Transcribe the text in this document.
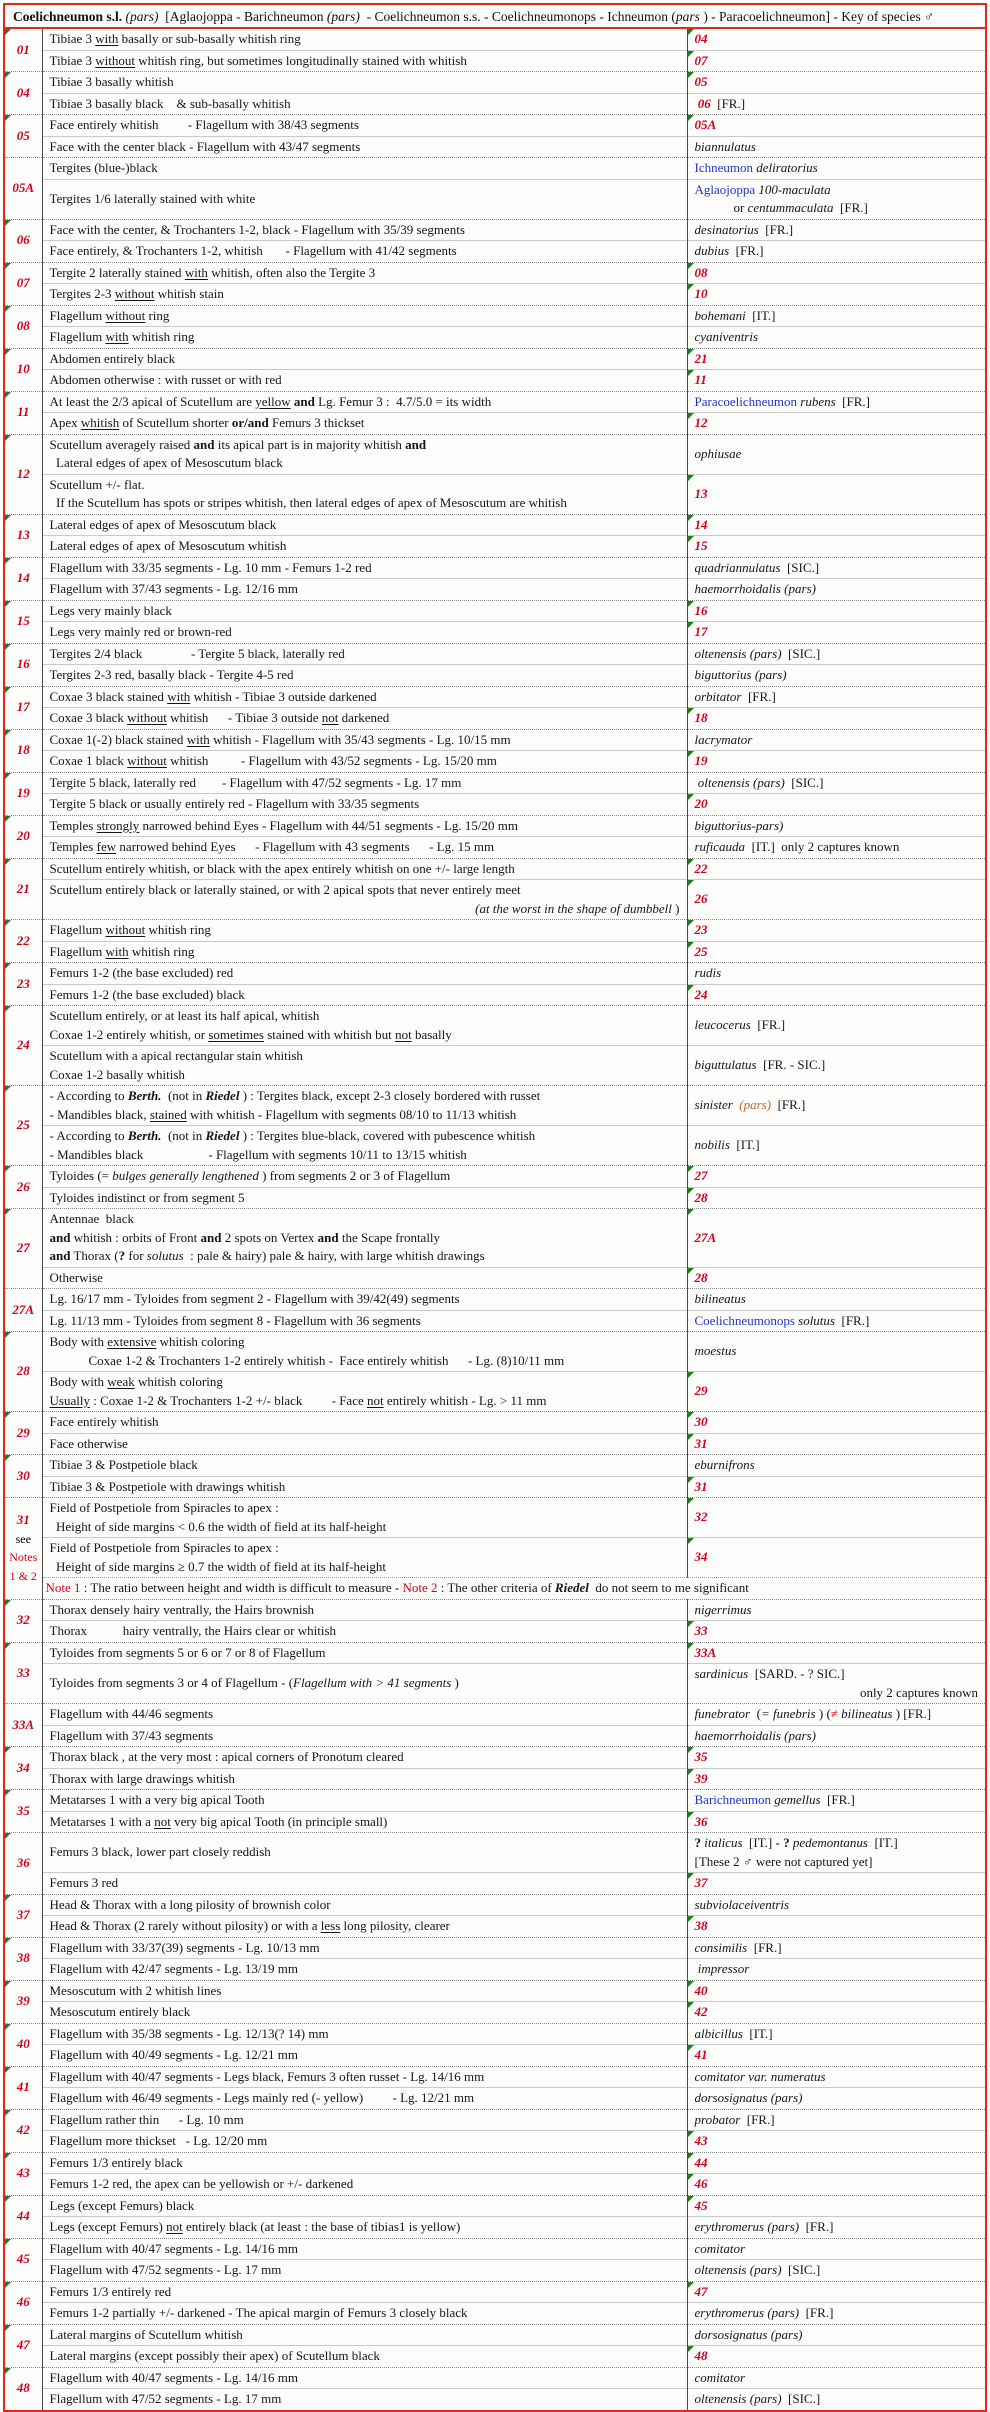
Coelichneumon s.l. (pars)  [Aglaojoppa - Barichneumon (pars)  - Coelichneumon s.s. - Coelichneumonops - Ichneumon (pars ) - Paracoelichneumon] - Key of species ♂
01	Tibiae 3 with basally or sub-basally whitish ring	04
	Tibiae 3 without whitish ring, but sometimes longitudinally stained with whitish	07
04	Tibiae 3 basally whitish	05
	Tibiae 3 basally black    & sub-basally whitish	06  [FR.]
05	Face entirely whitish         - Flagellum with 38/43 segments	05A
	Face with the center black - Flagellum with 43/47 segments	biannulatus
05A	Tergites (blue-)black	Ichneumon deliratorius
	Tergites 1/6 laterally stained with white	Aglaojoppa 100-maculata
or centummaculata  [FR.]
06	Face with the center, & Trochanters 1-2, black - Flagellum with 35/39 segments	desinatorius  [FR.]
	Face entirely, & Trochanters 1-2, whitish       - Flagellum with 41/42 segments	dubius  [FR.]
07	Tergite 2 laterally stained with whitish, often also the Tergite 3	08
	Tergites 2-3 without whitish stain	10
08	Flagellum without ring	bohemani  [IT.]
	Flagellum with whitish ring	cyaniventris
10	Abdomen entirely black	21
	Abdomen otherwise : with russet or with red	11
11	At least the 2/3 apical of Scutellum are yellow and Lg. Femur 3 :  4.7/5.0 = its width	Paracoelichneumon rubens  [FR.]
	Apex whitish of Scutellum shorter or/and Femurs 3 thickset	12
12	Scutellum averagely raised and its apical part is in majority whitish and
Lateral edges of apex of Mesoscutum black	ophiusae
	Scutellum +/- flat.
If the Scutellum has spots or stripes whitish, then lateral edges of apex of Mesoscutum are whitish	13
13	Lateral edges of apex of Mesoscutum black	14
	Lateral edges of apex of Mesoscutum whitish	15
14	Flagellum with 33/35 segments - Lg. 10 mm - Femurs 1-2 red	quadriannulatus  [SIC.]
	Flagellum with 37/43 segments - Lg. 12/16 mm	haemorrhoidalis (pars)
15	Legs very mainly black	16
	Legs very mainly red or brown-red	17
16	Tergites 2/4 black               - Tergite 5 black, laterally red	oltenensis (pars)  [SIC.]
	Tergites 2-3 red, basally black - Tergite 4-5 red	biguttorius (pars)
17	Coxae 3 black stained with whitish - Tibiae 3 outside darkened	orbitator  [FR.]
	Coxae 3 black without whitish      - Tibiae 3 outside not darkened	18
18	Coxae 1(-2) black stained with whitish - Flagellum with 35/43 segments - Lg. 10/15 mm	lacrymator
	Coxae 1 black without whitish          - Flagellum with 43/52 segments - Lg. 15/20 mm	19
19	Tergite 5 black, laterally red        - Flagellum with 47/52 segments - Lg. 17 mm	oltenensis (pars)  [SIC.]
	Tergite 5 black or usually entirely red - Flagellum with 33/35 segments	20
20	Temples strongly narrowed behind Eyes - Flagellum with 44/51 segments - Lg. 15/20 mm	biguttorius-pars)
	Temples few narrowed behind Eyes      - Flagellum with 43 segments      - Lg. 15 mm	ruficauda  [IT.]  only 2 captures known
21	Scutellum entirely whitish, or black with the apex entirely whitish on one +/- large length	22
	Scutellum entirely black or laterally stained, or with 2 apical spots that never entirely meet

(at the worst in the shape of dumbbell )	26
22	Flagellum without whitish ring	23
	Flagellum with whitish ring	25
23	Femurs 1-2 (the base excluded) red	rudis
	Femurs 1-2 (the base excluded) black	24
24	Scutellum entirely, or at least its half apical, whitish
Coxae 1-2 entirely whitish, or sometimes stained with whitish but not basally	leucocerus  [FR.]
	Scutellum with a apical rectangular stain whitish
Coxae 1-2 basally whitish	biguttulatus  [FR. - SIC.]
25	- According to Berth.  (not in Riedel ) : Tergites black, except 2-3 closely bordered with russet
- Mandibles black, stained with whitish - Flagellum with segments 08/10 to 11/13 whitish	sinister (pars)  [FR.]
	- According to Berth.  (not in Riedel ) : Tergites blue-black, covered with pubescence whitish
- Mandibles black                    - Flagellum with segments 10/11 to 13/15 whitish	nobilis  [IT.]
26	Tyloides (= bulges generally lengthened ) from segments 2 or 3 of Flagellum	27
	Tyloides indistinct or from segment 5	28
27	Antennae  black
and whitish : orbits of Front and 2 spots on Vertex and the Scape frontally
and Thorax (? for solutus  : pale & hairy) pale & hairy, with large whitish drawings	27A
	Otherwise	28
27A	Lg. 16/17 mm - Tyloides from segment 2 - Flagellum with 39/42(49) segments	bilineatus
	Lg. 11/13 mm - Tyloides from segment 8 - Flagellum with 36 segments	Coelichneumonops solutus  [FR.]
28	Body with extensive whitish coloring
Coxae 1-2 & Trochanters 1-2 entirely whitish -  Face entirely whitish      - Lg. (8)10/11 mm	moestus
	Body with weak whitish coloring
Usually : Coxae 1-2 & Trochanters 1-2 +/- black         - Face not entirely whitish - Lg. > 11 mm	29
29	Face entirely whitish	30
	Face otherwise	31
30	Tibiae 3 & Postpetiole black	eburnifrons
	Tibiae 3 & Postpetiole with drawings whitish	31
31
see
Notes
1 & 2	Field of Postpetiole from Spiracles to apex :
Height of side margins < 0.6 the width of field at its half-height	32
	Field of Postpetiole from Spiracles to apex :
Height of side margins ≥ 0.7 the width of field at its half-height	34
	Note 1 : The ratio between height and width is difficult to measure - Note 2 : The other criteria of Riedel  do not seem to me significant	
32	Thorax densely hairy ventrally, the Hairs brownish	nigerrimus
	Thorax           hairy ventrally, the Hairs clear or whitish	33
33	Tyloides from segments 5 or 6 or 7 or 8 of Flagellum	33A
	Tyloides from segments 3 or 4 of Flagellum - (Flagellum with > 41 segments )	sardinicus  [SARD. - ? SIC.]

only 2 captures known

33A	Flagellum with 44/46 segments	funebrator  (= funebris ) (≠ bilineatus ) [FR.]
	Flagellum with 37/43 segments	haemorrhoidalis (pars)
34	Thorax black , at the very most : apical corners of Pronotum cleared	35
	Thorax with large drawings whitish	39
35	Metatarses 1 with a very big apical Tooth	Barichneumon gemellus  [FR.]
	Metatarses 1 with a not very big apical Tooth (in principle small)	36
36	Femurs 3 black, lower part closely reddish	? italicus  [IT.] - ? pedemontanus  [IT.]
[These 2 ♂ were not captured yet]
	Femurs 3 red	37
37	Head & Thorax with a long pilosity of brownish color	subviolaceiventris
	Head & Thorax (2 rarely without pilosity) or with a less long pilosity, clearer	38
38	Flagellum with 33/37(39) segments - Lg. 10/13 mm	consimilis  [FR.]
	Flagellum with 42/47 segments - Lg. 13/19 mm	impressor
39	Mesoscutum with 2 whitish lines	40
	Mesoscutum entirely black	42
40	Flagellum with 35/38 segments - Lg. 12/13(? 14) mm	albicillus  [IT.]
	Flagellum with 40/49 segments - Lg. 12/21 mm	41
41	Flagellum with 40/47 segments - Legs black, Femurs 3 often russet - Lg. 14/16 mm	comitator var. numeratus
	Flagellum with 46/49 segments - Legs mainly red (- yellow)         - Lg. 12/21 mm	dorsosignatus (pars)
42	Flagellum rather thin      - Lg. 10 mm	probator  [FR.]
	Flagellum more thickset   - Lg. 12/20 mm	43
43	Femurs 1/3 entirely black	44
	Femurs 1-2 red, the apex can be yellowish or +/- darkened	46
44	Legs (except Femurs) black	45
	Legs (except Femurs) not entirely black (at least : the base of tibias1 is yellow)	erythromerus (pars)  [FR.]
45	Flagellum with 40/47 segments - Lg. 14/16 mm	comitator
	Flagellum with 47/52 segments - Lg. 17 mm	oltenensis (pars)  [SIC.]
46	Femurs 1/3 entirely red	47
	Femurs 1-2 partially +/- darkened - The apical margin of Femurs 3 closely black	erythromerus (pars)  [FR.]
47	Lateral margins of Scutellum whitish	dorsosignatus (pars)
	Lateral margins (except possibly their apex) of Scutellum black	48
48	Flagellum with 40/47 segments - Lg. 14/16 mm	comitator
	Flagellum with 47/52 segments - Lg. 17 mm	oltenensis (pars)  [SIC.]
